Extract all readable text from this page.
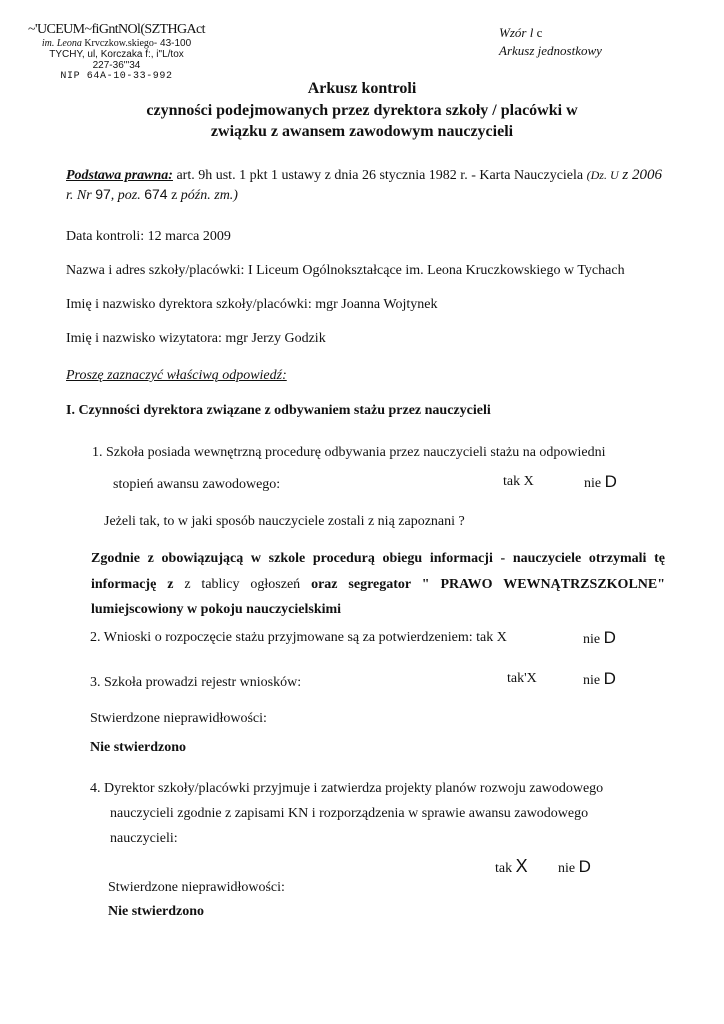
~'UCEUM~fiGntNOl(SZTHGAct
im. Leona Krvczkow.skiego- 43-100
TYCHY, ul, Korczaka f:, i"L/tox
227-36"'34
NIP 64A-10-33-992
Wzór l c
Arkusz jednostkowy
Arkusz kontroli
czynności podejmowanych przez dyrektora szkoły / placówki w
związku z awansem zawodowym nauczycieli
Podstawa prawna: art. 9h ust. 1 pkt 1 ustawy z dnia 26 stycznia 1982 r. - Karta Nauczyciela (Dz. U z 2006
r. Nr 97, poz. 674 z późn. zm.)
Data kontroli: 12 marca 2009
Nazwa i adres szkoły/placówki: I Liceum Ogólnokształcące im. Leona Kruczkowskiego w Tychach
Imię i nazwisko dyrektora szkoły/placówki: mgr Joanna Wojtynek
Imię i nazwisko wizytatora: mgr Jerzy Godzik
Proszę zaznaczyć właściwą odpowiedź:
I. Czynności dyrektora związane z odbywaniem stażu przez nauczycieli
1. Szkoła posiada wewnętrzną procedurę odbywania przez nauczycieli stażu na odpowiedni
stopień awansu zawodowego:	tak X	nie D
Jeżeli tak, to w jaki sposób nauczyciele zostali z nią zapoznani ?
Zgodnie z obowiązującą w szkole procedurą obiegu informacji - nauczyciele otrzymali tę
informację z z tablicy ogłoszeń oraz segregator " PRAWO WEWNĄTRZSZKOLNE"
lumiejscowiony w pokoju nauczycielskimi
2. Wnioski o rozpoczęcie stażu przyjmowane są za potwierdzeniem: tak X	nie D
3. Szkoła prowadzi rejestr wniosków:	tak'X	nie D
Stwierdzone nieprawidłowości:
Nie stwierdzono
4. Dyrektor szkoły/placówki przyjmuje i zatwierdza projekty planów rozwoju zawodowego
nauczycieli zgodnie z zapisami KN i rozporządzenia w sprawie awansu zawodowego
nauczycieli:
tak X nie D
Stwierdzone nieprawidłowości:
Nie stwierdzono
